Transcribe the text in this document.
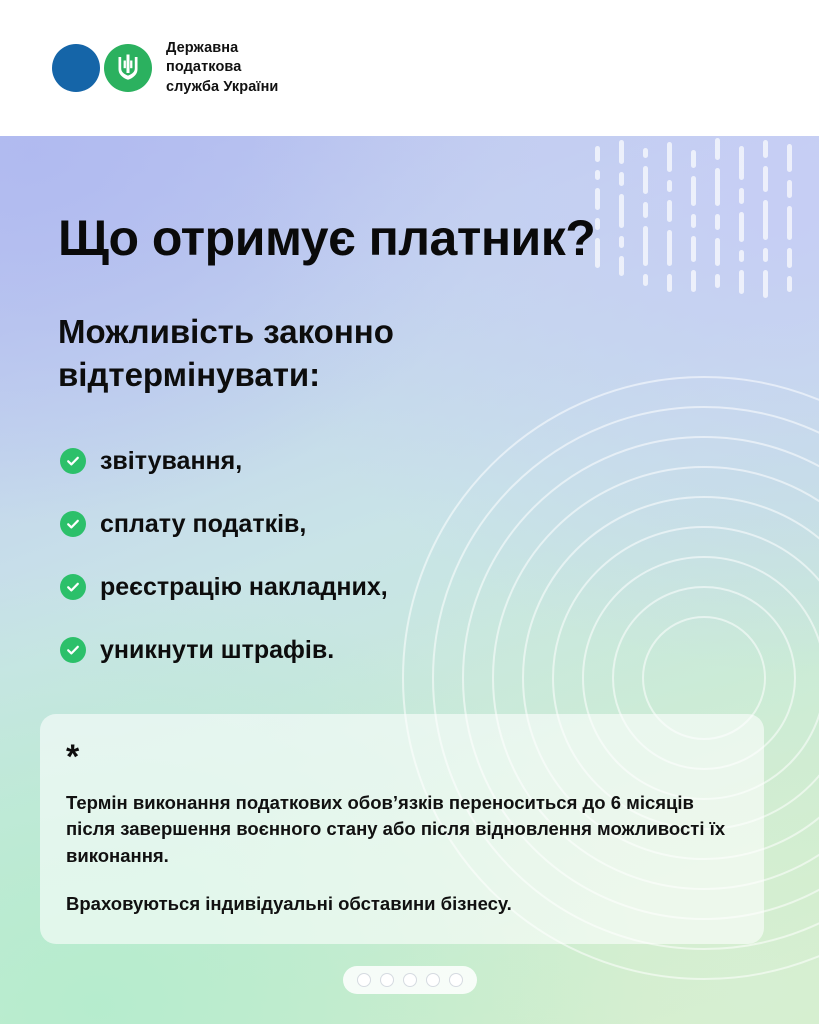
Державна
податкова
служба України
Що отримує платник?
Можливість законно відтермінувати:
звітування,
сплату податків,
реєстрацію накладних,
уникнути штрафів.
*

Термін виконання податкових обов’язків переноситься до 6 місяців після завершення воєнного стану або після відновлення можливості їх виконання.

Враховуються індивідуальні обставини бізнесу.
